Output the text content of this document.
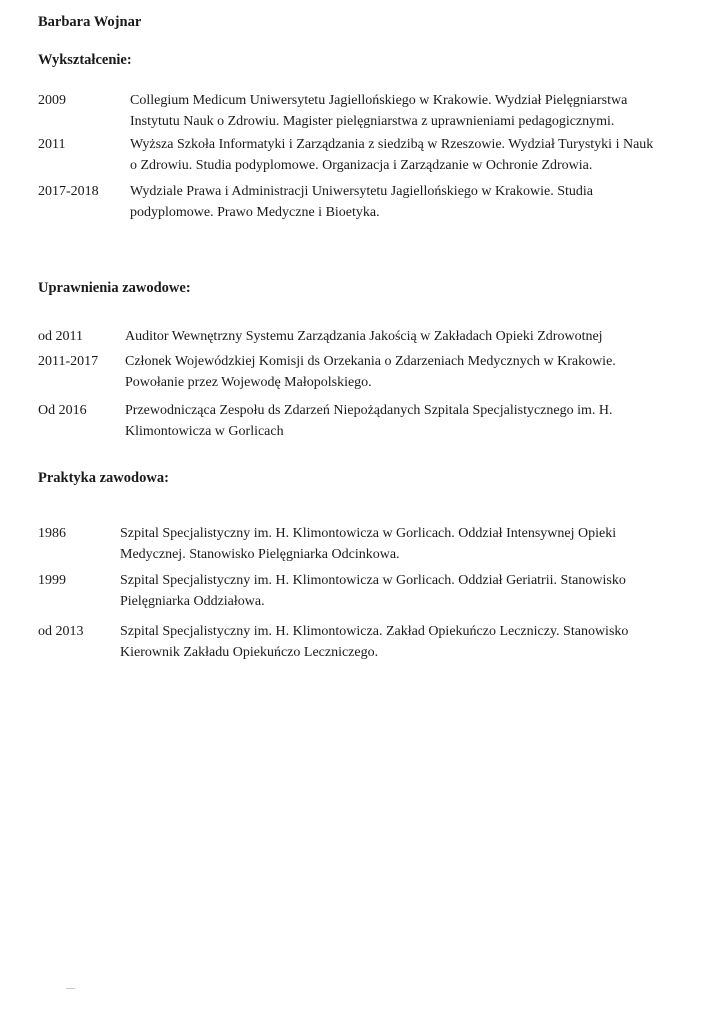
Barbara Wojnar
Wykształcenie:
2009	Collegium Medicum Uniwersytetu Jagiellońskiego w Krakowie. Wydział Pielęgniarstwa
Instytutu Nauk o Zdrowiu. Magister pielęgniarstwa z uprawnieniami pedagogicznymi.
2011	Wyższa Szkoła Informatyki i Zarządzania z siedzibą w Rzeszowie. Wydział Turystyki i Nauk
o Zdrowiu. Studia podyplomowe. Organizacja i Zarządzanie w Ochronie Zdrowia.
2017-2018 Wydziale Prawa i Administracji Uniwersytetu Jagiellońskiego w Krakowie. Studia
podyplomowe. Prawo Medyczne i Bioetyka.
Uprawnienia zawodowe:
od 2011	Auditor Wewnętrzny Systemu Zarządzania Jakością w Zakładach Opieki Zdrowotnej
2011-2017 Członek Wojewódzkiej Komisji ds Orzekania o Zdarzeniach Medycznych w Krakowie.
Powołanie przez Wojewodę Małopolskiego.
Od 2016	Przewodnicząca Zespołu ds Zdarzeń Niepożądanych Szpitala Specjalistycznego im. H.
Klimontowicza w Gorlicach
Praktyka zawodowa:
1986	Szpital Specjalistyczny im. H. Klimontowicza w Gorlicach. Oddział Intensywnej Opieki
Medycznej. Stanowisko Pielęgniarka Odcinkowa.
1999	Szpital Specjalistyczny im. H. Klimontowicza w Gorlicach. Oddział Geriatrii. Stanowisko
Pielęgniarka Oddziałowa.
od 2013	Szpital Specjalistyczny im. H. Klimontowicza. Zakład Opiekuńczo Leczniczy. Stanowisko
Kierownik Zakładu Opiekuńczo Leczniczego.
